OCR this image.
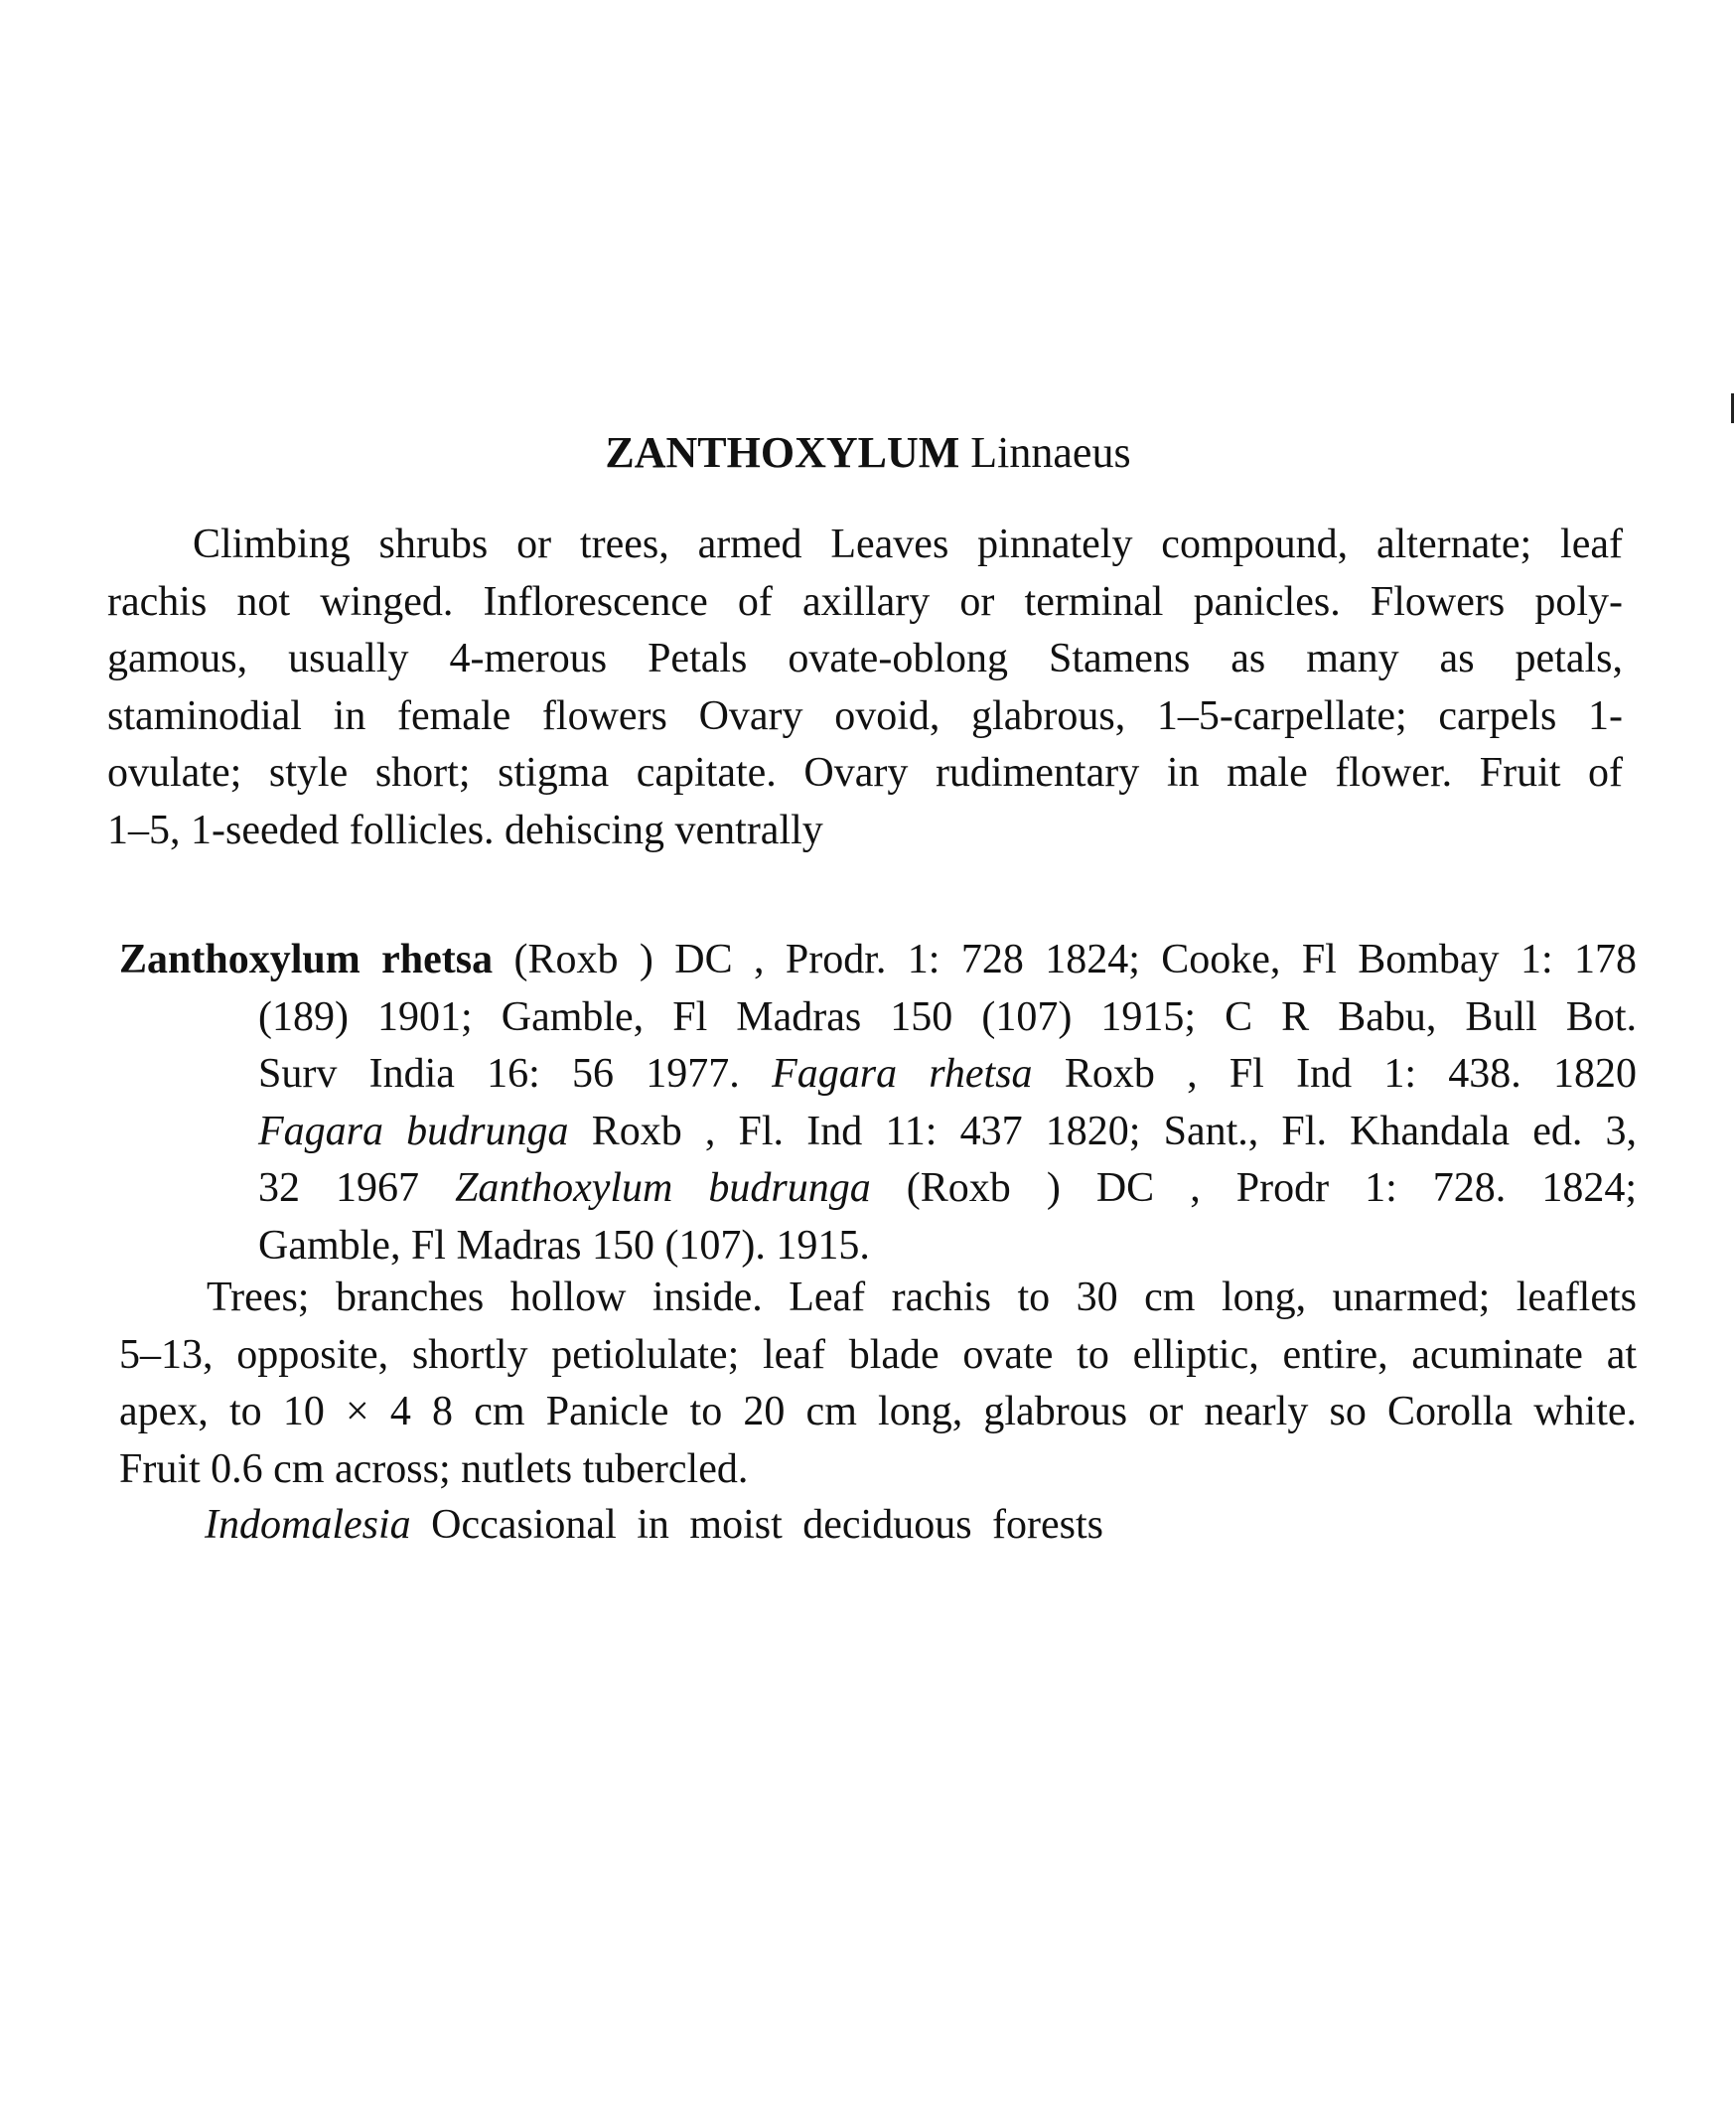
ZANTHOXYLUM Linnaeus
Climbing shrubs or trees, armed Leaves pinnately compound, alternate; leaf
rachis not winged. Inflorescence of axillary or terminal panicles. Flowers poly-
gamous, usually 4-merous Petals ovate-oblong Stamens as many as petals,
staminodial in female flowers Ovary ovoid, glabrous, 1–5-carpellate; carpels 1-
ovulate; style short; stigma capitate. Ovary rudimentary in male flower. Fruit of
1–5, 1-seeded follicles. dehiscing ventrally
Zanthoxylum rhetsa (Roxb ) DC , Prodr. 1: 728 1824; Cooke, Fl Bombay 1: 178
(189) 1901; Gamble, Fl Madras 150 (107) 1915; C R Babu, Bull Bot.
Surv India 16: 56 1977. Fagara rhetsa Roxb , Fl Ind 1: 438. 1820
Fagara budrunga Roxb , Fl. Ind 11: 437 1820; Sant., Fl. Khandala ed. 3,
32 1967 Zanthoxylum budrunga (Roxb ) DC , Prodr 1: 728. 1824;
Gamble, Fl Madras 150 (107). 1915.
Trees; branches hollow inside. Leaf rachis to 30 cm long, unarmed; leaflets
5–13, opposite, shortly petiolulate; leaf blade ovate to elliptic, entire, acuminate at
apex, to 10 × 4 8 cm Panicle to 20 cm long, glabrous or nearly so Corolla white.
Fruit 0.6 cm across; nutlets tubercled.
Indomalesia Occasional in moist deciduous forests
